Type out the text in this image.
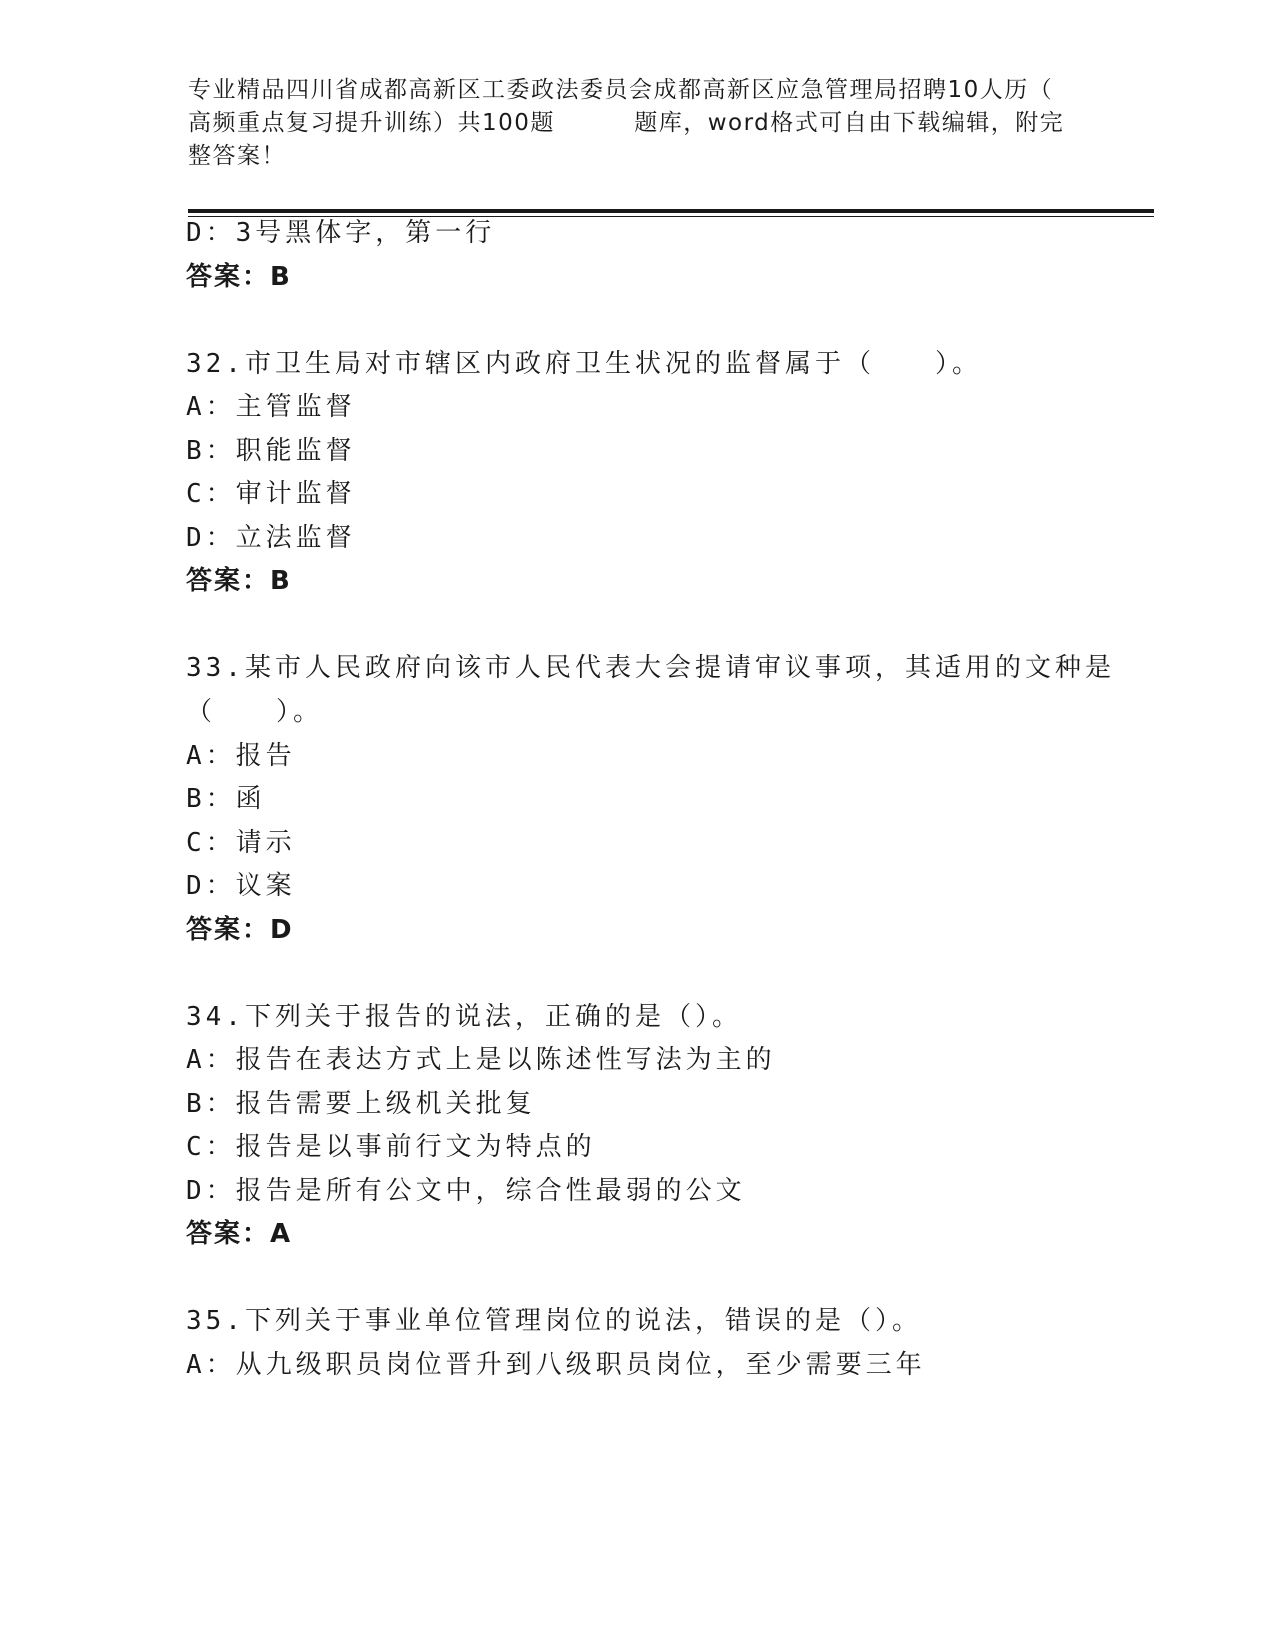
专业精品四川省成都高新区工委政法委员会成都高新区应急管理局招聘10人历（
高频重点复习提升训练）共100题         题库，word格式可自由下载编辑，附完
整答案！
D：3号黑体字，第一行
答案：B
32.市卫生局对市辖区内政府卫生状况的监督属于（　　）。
A：主管监督
B：职能监督
C：审计监督
D：立法监督
答案：B
33.某市人民政府向该市人民代表大会提请审议事项，其适用的文种是
（　　）。
A：报告
B：函
C：请示
D：议案
答案：D
34.下列关于报告的说法，正确的是（）。
A：报告在表达方式上是以陈述性写法为主的
B：报告需要上级机关批复
C：报告是以事前行文为特点的
D：报告是所有公文中，综合性最弱的公文
答案：A
35.下列关于事业单位管理岗位的说法，错误的是（）。
A：从九级职员岗位晋升到八级职员岗位，至少需要三年
